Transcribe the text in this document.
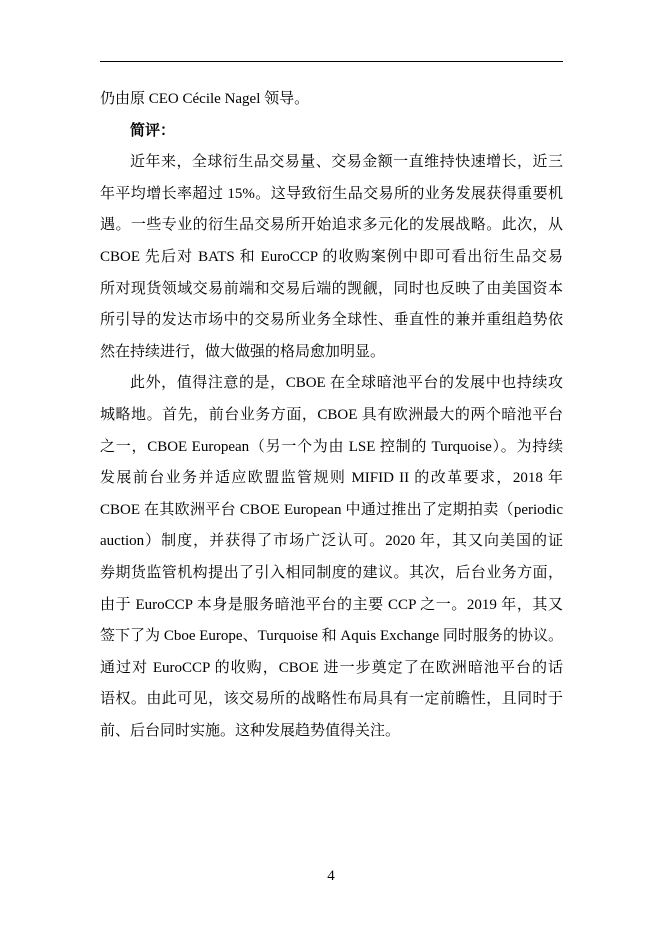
仍由原 CEO Cécile Nagel 领导。
简评：
近年来，全球衍生品交易量、交易金额一直维持快速增长，近三
年平均增长率超过 15%。这导致衍生品交易所的业务发展获得重要机
遇。一些专业的衍生品交易所开始追求多元化的发展战略。此次，从
CBOE 先后对 BATS 和 EuroCCP 的收购案例中即可看出衍生品交易
所对现货领域交易前端和交易后端的觊觎，同时也反映了由美国资本
所引导的发达市场中的交易所业务全球性、垂直性的兼并重组趋势依
然在持续进行，做大做强的格局愈加明显。
此外，值得注意的是，CBOE 在全球暗池平台的发展中也持续攻
城略地。首先，前台业务方面，CBOE 具有欧洲最大的两个暗池平台
之一，CBOE European（另一个为由 LSE 控制的 Turquoise）。为持续
发展前台业务并适应欧盟监管规则 MIFID II 的改革要求，2018 年
CBOE 在其欧洲平台 CBOE European 中通过推出了定期拍卖（periodic
auction）制度，并获得了市场广泛认可。2020 年，其又向美国的证
券期货监管机构提出了引入相同制度的建议。其次，后台业务方面，
由于 EuroCCP 本身是服务暗池平台的主要 CCP 之一。2019 年，其又
签下了为 Cboe Europe、Turquoise 和 Aquis Exchange 同时服务的协议。
通过对 EuroCCP 的收购，CBOE 进一步奠定了在欧洲暗池平台的话
语权。由此可见，该交易所的战略性布局具有一定前瞻性，且同时于
前、后台同时实施。这种发展趋势值得关注。
4
